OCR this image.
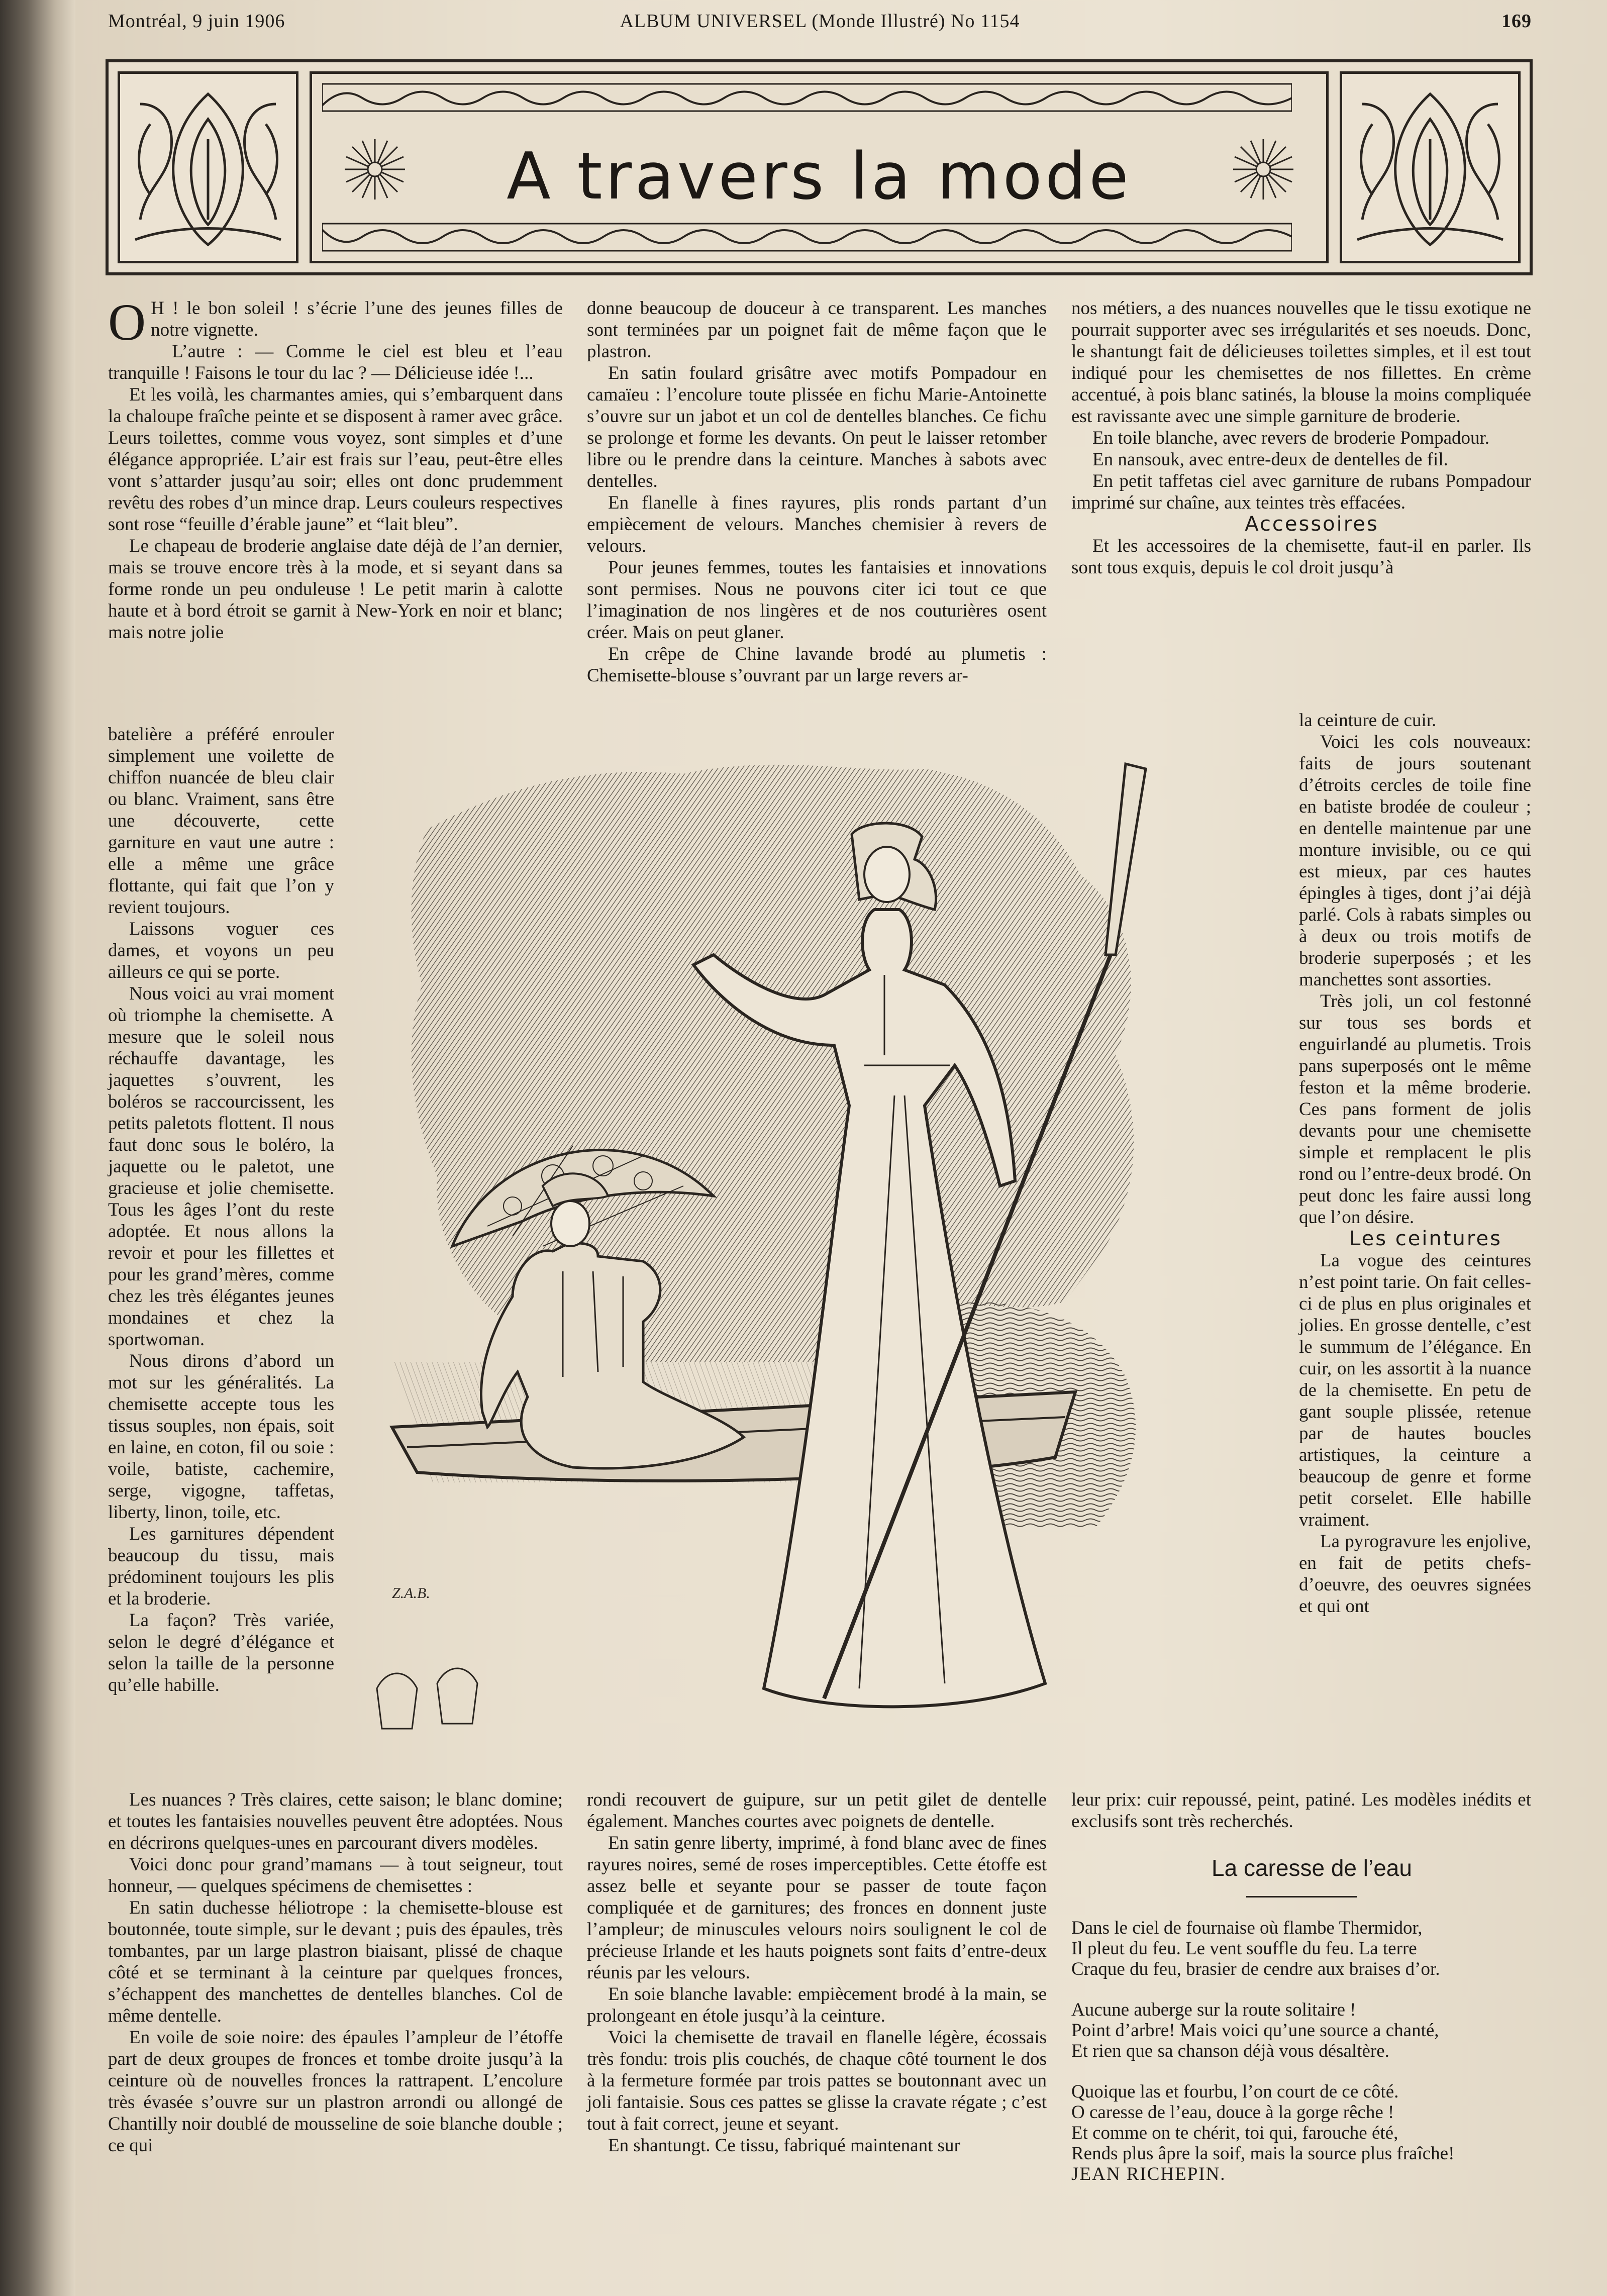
Montréal, 9 juin 1906	ALBUM UNIVERSEL (Monde Illustré) No 1154	169
A travers la mode

O H ! le bon soleil ! s’écrie l’une des jeunes filles de notre vignette.

L’autre : — Comme le ciel est bleu et l’eau tranquille ! Faisons le tour du lac ? — Délicieuse idée !...

Et les voilà, les charmantes amies, qui s’embarquent dans la chaloupe fraîche peinte et se disposent à ramer avec grâce. Leurs toilettes, comme vous voyez, sont simples et d’une élégance appropriée. L’air est frais sur l’eau, peut-être elles vont s’attarder jusqu’au soir; elles ont donc prudemment revêtu des robes d’un mince drap. Leurs couleurs respectives sont rose “feuille d’érable jaune” et “lait bleu”.

Le chapeau de broderie anglaise date déjà de l’an dernier, mais se trouve encore très à la mode, et si seyant dans sa forme ronde un peu onduleuse ! Le petit marin à calotte haute et à bord étroit se garnit à New-York en noir et blanc; mais notre jolie

batelière a préféré enrouler simplement une voilette de chiffon nuancée de bleu clair ou blanc. Vraiment, sans être une découverte, cette garniture en vaut une autre : elle a même une grâce flottante, qui fait que l’on y revient toujours.

Laissons voguer ces dames, et voyons un peu ailleurs ce qui se porte.

Nous voici au vrai moment où triomphe la chemisette. A mesure que le soleil nous réchauffe davantage, les jaquettes s’ouvrent, les boléros se raccourcissent, les petits paletots flottent. Il nous faut donc sous le boléro, la jaquette ou le paletot, une gracieuse et jolie chemisette. Tous les âges l’ont du reste adoptée. Et nous allons la revoir et pour les fillettes et pour les grand’mères, comme chez les très élégantes jeunes mondaines et chez la sportwoman.

Nous dirons d’abord un mot sur les généralités. La chemisette accepte tous les tissus souples, non épais, soit en laine, en coton, fil ou soie : voile, batiste, cachemire, serge, vigogne, taffetas, liberty, linon, toile, etc.

Les garnitures dépendent beaucoup du tissu, mais prédominent toujours les plis et la broderie.

La façon? Très variée, selon le degré d’élégance et selon la taille de la personne qu’elle habille.

Les nuances ? Très claires, cette saison; le blanc domine; et toutes les fantaisies nouvelles peuvent être adoptées. Nous en décrirons quelques-unes en parcourant divers modèles.

Voici donc pour grand’mamans — à tout seigneur, tout honneur, — quelques spécimens de chemisettes :

En satin duchesse héliotrope : la chemisette-blouse est boutonnée, toute simple, sur le devant ; puis des épaules, très tombantes, par un large plastron biaisant, plissé de chaque côté et se terminant à la ceinture par quelques fronces, s’échappent des manchettes de dentelles blanches. Col de même dentelle.

En voile de soie noire: des épaules l’ampleur de l’étoffe part de deux groupes de fronces et tombe droite jusqu’à la ceinture où de nouvelles fronces la rattrapent. L’encolure très évasée s’ouvre sur un plastron arrondi ou allongé de Chantilly noir doublé de mousseline de soie blanche double ; ce qui

donne beaucoup de douceur à ce transparent. Les manches sont terminées par un poignet fait de même façon que le plastron.

En satin foulard grisâtre avec motifs Pompadour en camaïeu : l’encolure toute plissée en fichu Marie-Antoinette s’ouvre sur un jabot et un col de dentelles blanches. Ce fichu se prolonge et forme les devants. On peut le laisser retomber libre ou le prendre dans la ceinture. Manches à sabots avec dentelles.

En flanelle à fines rayures, plis ronds partant d’un empiècement de velours. Manches chemisier à revers de velours.

Pour jeunes femmes, toutes les fantaisies et innovations sont permises. Nous ne pouvons citer ici tout ce que l’imagination de nos lingères et de nos couturières osent créer. Mais on peut glaner.

En crêpe de Chine lavande brodé au plumetis : Chemisette-blouse s’ouvrant par un large revers ar-

rondi recouvert de guipure, sur un petit gilet de dentelle également. Manches courtes avec poignets de dentelle.

En satin genre liberty, imprimé, à fond blanc avec de fines rayures noires, semé de roses imperceptibles. Cette étoffe est assez belle et seyante pour se passer de toute façon compliquée et de garnitures; des fronces en donnent juste l’ampleur; de minuscules velours noirs soulignent le col de précieuse Irlande et les hauts poignets sont faits d’entre-deux réunis par les velours.

En soie blanche lavable: empiècement brodé à la main, se prolongeant en étole jusqu’à la ceinture.

Voici la chemisette de travail en flanelle légère, écossais très fondu: trois plis couchés, de chaque côté tournent le dos à la fermeture formée par trois pattes se boutonnant avec un joli fantaisie. Sous ces pattes se glisse la cravate régate ; c’est tout à fait correct, jeune et seyant.

En shantungt. Ce tissu, fabriqué maintenant sur

nos métiers, a des nuances nouvelles que le tissu exotique ne pourrait supporter avec ses irrégularités et ses noeuds. Donc, le shantungt fait de délicieuses toilettes simples, et il est tout indiqué pour les chemisettes de nos fillettes. En crème accentué, à pois blanc satinés, la blouse la moins compliquée est ravissante avec une simple garniture de broderie.

En toile blanche, avec revers de broderie Pompadour.

En nansouk, avec entre-deux de dentelles de fil.

En petit taffetas ciel avec garniture de rubans Pompadour imprimé sur chaîne, aux teintes très effacées.

Accessoires

Et les accessoires de la chemisette, faut-il en parler. Ils sont tous exquis, depuis le col droit jusqu’à

la ceinture de cuir.

Voici les cols nouveaux: faits de jours soutenant d’étroits cercles de toile fine en batiste brodée de couleur ; en dentelle maintenue par une monture invisible, ou ce qui est mieux, par ces hautes épingles à tiges, dont j’ai déjà parlé. Cols à rabats simples ou à deux ou trois motifs de broderie superposés ; et les manchettes sont assorties.

Très joli, un col festonné sur tous ses bords et enguirlandé au plumetis. Trois pans superposés ont le même feston et la même broderie. Ces pans forment de jolis devants pour une chemisette simple et remplacent le plis rond ou l’entre-deux brodé. On peut donc les faire aussi long que l’on désire.

Les ceintures

La vogue des ceintures n’est point tarie. On fait celles-ci de plus en plus originales et jolies. En grosse dentelle, c’est le summum de l’élégance. En cuir, on les assortit à la nuance de la chemisette. En petu de gant souple plissée, retenue par de hautes boucles artistiques, la ceinture a beaucoup de genre et forme petit corselet. Elle habille vraiment.

La pyrogravure les enjolive, en fait de petits chefs-d’oeuvre, des oeuvres signées et qui ont

leur prix: cuir repoussé, peint, patiné. Les modèles inédits et exclusifs sont très recherchés.

La caresse de l’eau

Dans le ciel de fournaise où flambe Thermidor,

Il pleut du feu. Le vent souffle du feu. La terre

Craque du feu, brasier de cendre aux braises d’or.

Aucune auberge sur la route solitaire !

Point d’arbre! Mais voici qu’une source a chanté,

Et rien que sa chanson déjà vous désaltère.

Quoique las et fourbu, l’on court de ce côté.

O caresse de l’eau, douce à la gorge rêche !

Et comme on te chérit, toi qui, farouche été,

Rends plus âpre la soif, mais la source plus fraîche!

JEAN RICHEPIN.

Z.A.B.
